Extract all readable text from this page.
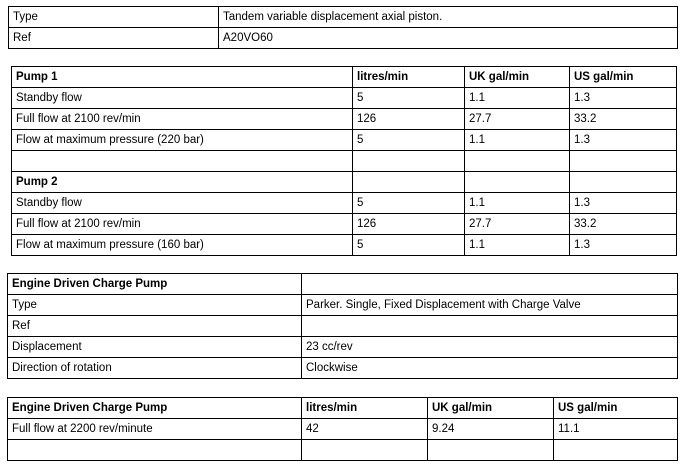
Type	Tandem variable displacement axial piston.
Ref	A20VO60
Pump 1	litres/min	UK gal/min	US gal/min
Standby flow	5	1.1	1.3
Full flow at 2100 rev/min	126	27.7	33.2
Flow at maximum pressure (220 bar)	5	1.1	1.3

Pump 2			
Standby flow	5	1.1	1.3
Full flow at 2100 rev/min	126	27.7	33.2
Flow at maximum pressure (160 bar)	5	1.1	1.3
Engine Driven Charge Pump	
Type	Parker. Single, Fixed Displacement with Charge Valve
Ref	
Displacement	23 cc/rev
Direction of rotation	Clockwise
Engine Driven Charge Pump	litres/min	UK gal/min	US gal/min
Full flow at 2200 rev/minute	42	9.24	11.1
